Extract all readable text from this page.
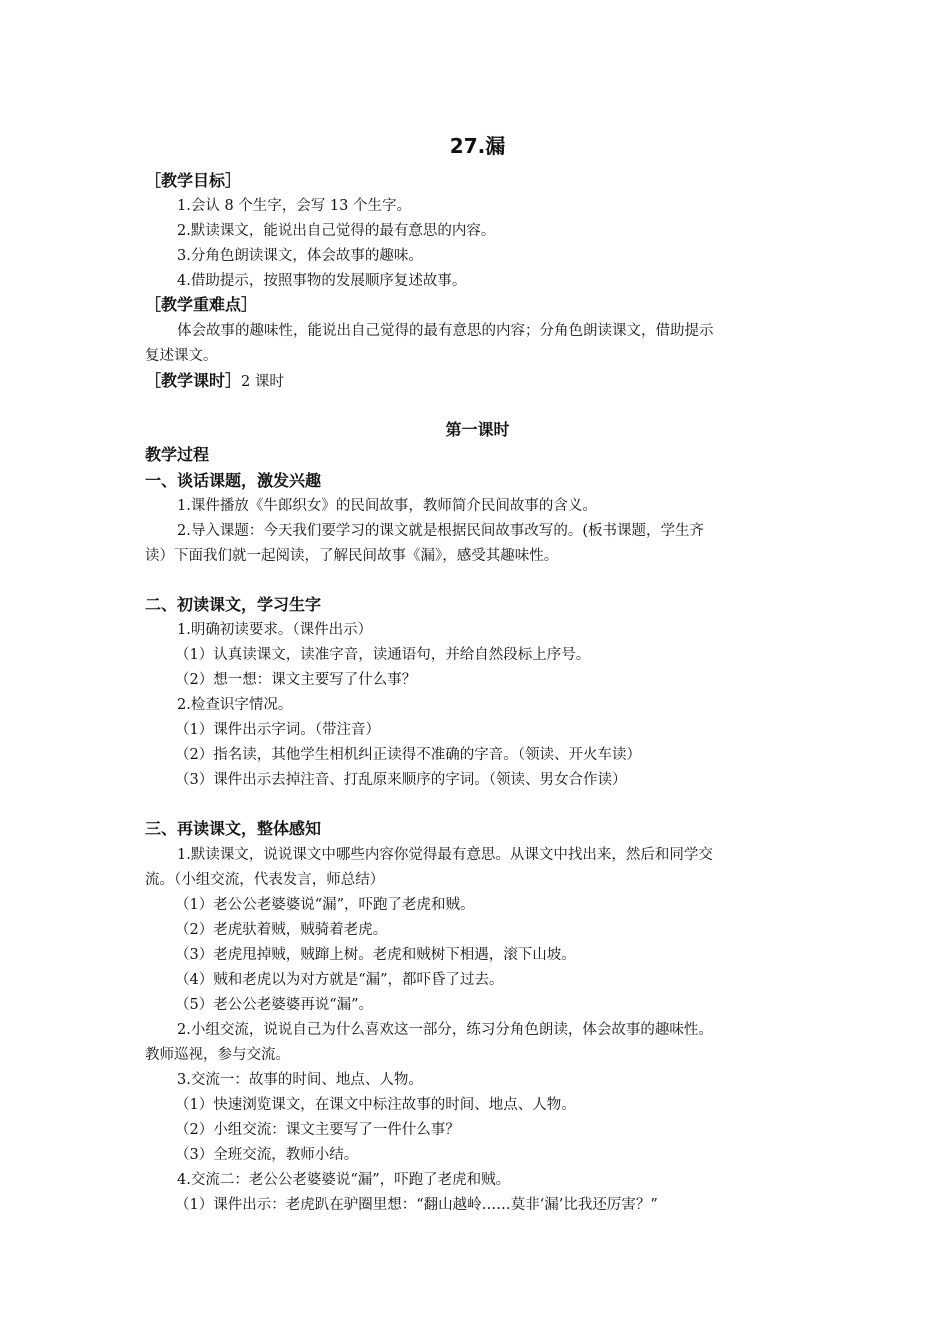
27.漏
［教学目标］
1.会认 8 个生字，会写 13 个生字。
2.默读课文，能说出自己觉得的最有意思的内容。
3.分角色朗读课文，体会故事的趣味。
4.借助提示，按照事物的发展顺序复述故事。
［教学重难点］
体会故事的趣味性，能说出自己觉得的最有意思的内容；分角色朗读课文，借助提示
复述课文。
［教学课时］2 课时
第一课时
教学过程
一、谈话课题，激发兴趣
1.课件播放《牛郎织女》的民间故事，教师简介民间故事的含义。
2.导入课题：今天我们要学习的课文就是根据民间故事改写的。(板书课题，学生齐
读）下面我们就一起阅读，了解民间故事《漏》，感受其趣味性。
二、初读课文，学习生字
1.明确初读要求。（课件出示）
（1）认真读课文，读准字音，读通语句，并给自然段标上序号。
（2）想一想：课文主要写了什么事？
2.检查识字情况。
（1）课件出示字词。（带注音）
（2）指名读，其他学生相机纠正读得不准确的字音。（领读、开火车读）
（3）课件出示去掉注音、打乱原来顺序的字词。（领读、男女合作读）
三、再读课文，整体感知
1.默读课文，说说课文中哪些内容你觉得最有意思。从课文中找出来，然后和同学交
流。（小组交流，代表发言，师总结）
（1）老公公老婆婆说“漏”，吓跑了老虎和贼。
（2）老虎驮着贼，贼骑着老虎。
（3）老虎甩掉贼，贼蹿上树。老虎和贼树下相遇，滚下山坡。
（4）贼和老虎以为对方就是“漏”，都吓昏了过去。
（5）老公公老婆婆再说“漏”。
2.小组交流，说说自己为什么喜欢这一部分，练习分角色朗读，体会故事的趣味性。
教师巡视，参与交流。
3.交流一：故事的时间、地点、人物。
（1）快速浏览课文，在课文中标注故事的时间、地点、人物。
（2）小组交流：课文主要写了一件什么事？
（3）全班交流，教师小结。
4.交流二：老公公老婆婆说“漏”，吓跑了老虎和贼。
（1）课件出示：老虎趴在驴圈里想：“翻山越岭……莫非‘漏’比我还厉害？”
